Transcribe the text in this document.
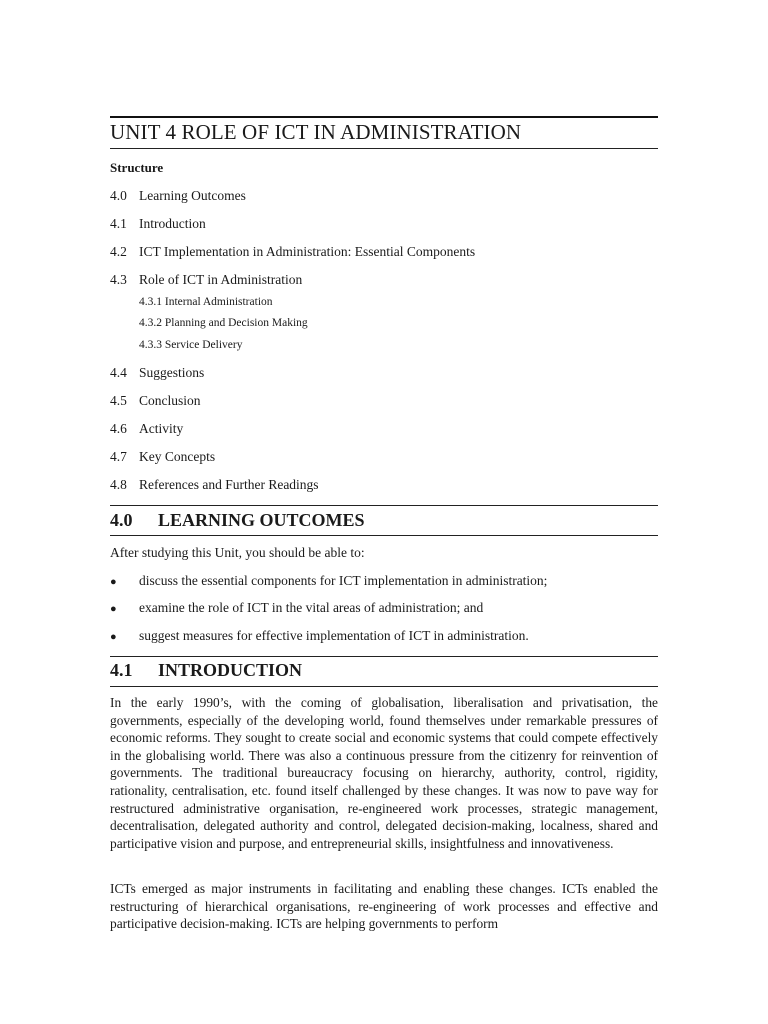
UNIT 4 ROLE OF ICT IN ADMINISTRATION
Structure
4.0 Learning Outcomes
4.1 Introduction
4.2 ICT Implementation in Administration: Essential Components
4.3 Role of ICT in Administration
4.3.1 Internal Administration
4.3.2 Planning and Decision Making
4.3.3 Service Delivery
4.4 Suggestions
4.5 Conclusion
4.6 Activity
4.7 Key Concepts
4.8 References and Further Readings
4.0 LEARNING OUTCOMES
After studying this Unit, you should be able to:
● discuss the essential components for ICT implementation in administration;
● examine the role of ICT in the vital areas of administration; and
● suggest measures for effective implementation of ICT in administration.
4.1 INTRODUCTION

In the early 1990’s, with the coming of globalisation, liberalisation and privatisation, the governments, especially of the developing world, found themselves under remarkable pressures of economic reforms. They sought to create social and economic systems that could compete effectively in the globalising world. There was also a continuous pressure from the citizenry for reinvention of governments. The traditional bureaucracy focusing on hierarchy, authority, control, rigidity, rationality, centralisation, etc. found itself challenged by these changes. It was now to pave way for restructured administrative organisation, re-engineered work processes, strategic management, decentralisation, delegated authority and control, delegated decision-making, localness, shared and participative vision and purpose, and entrepreneurial skills, insightfulness and innovativeness.

ICTs emerged as major instruments in facilitating and enabling these changes. ICTs enabled the restructuring of hierarchical organisations, re-engineering of work processes and effective and participative decision-making. ICTs are helping governments to perform
